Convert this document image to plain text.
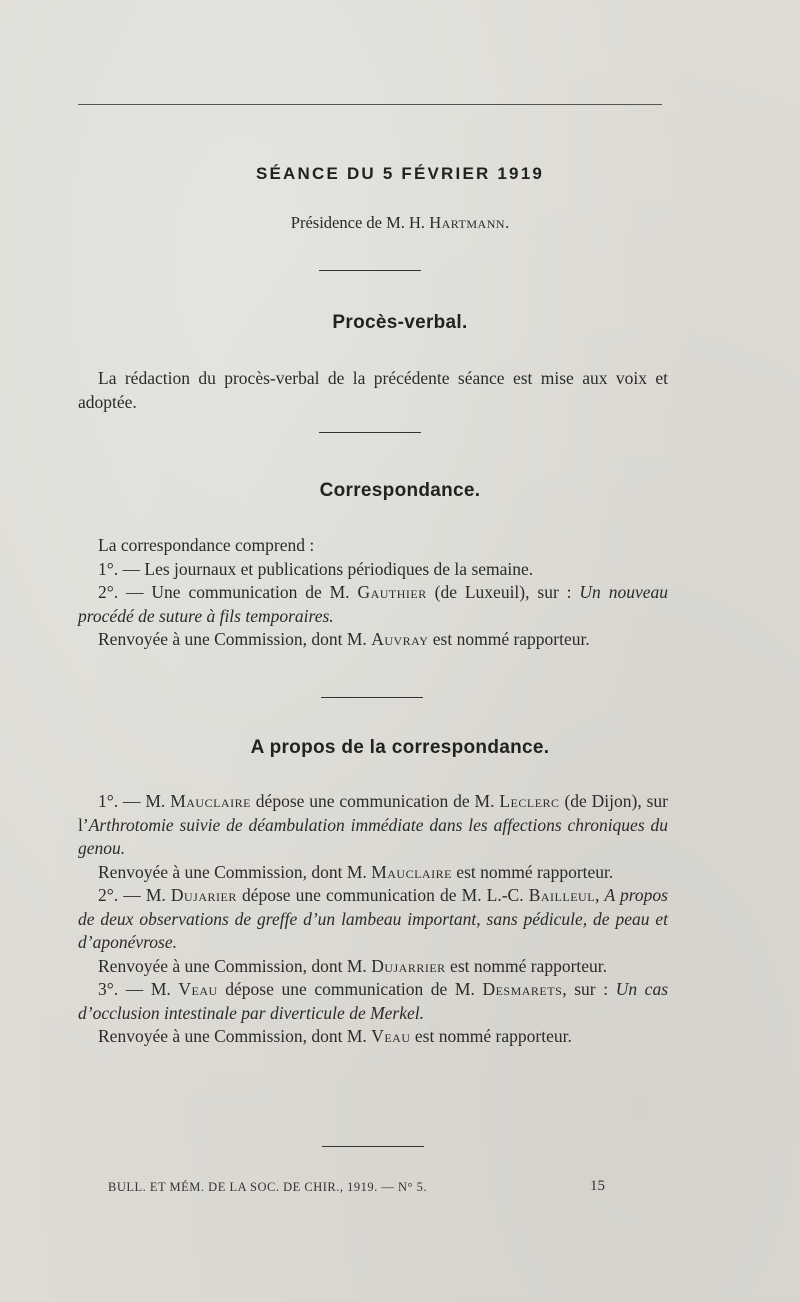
SÉANCE DU 5 FÉVRIER 1919
Présidence de M. H. Hartmann.
Procès-verbal.

La rédaction du procès-verbal de la précédente séance est mise aux voix et adoptée.

Correspondance.

La correspondance comprend :

1°. — Les journaux et publications périodiques de la semaine.

2°. — Une communication de M. Gauthier (de Luxeuil), sur : Un nouveau procédé de suture à fils temporaires.

Renvoyée à une Commission, dont M. Auvray est nommé rapporteur.

A propos de la correspondance.

1°. — M. Mauclaire dépose une communication de M. Leclerc (de Dijon), sur l’Arthrotomie suivie de déambulation immédiate dans les affections chroniques du genou.

Renvoyée à une Commission, dont M. Mauclaire est nommé rapporteur.

2°. — M. Dujarier dépose une communication de M. L.-C. Bailleul, A propos de deux observations de greffe d’un lambeau important, sans pédicule, de peau et d’aponévrose.

Renvoyée à une Commission, dont M. Dujarrier est nommé rapporteur.

3°. — M. Veau dépose une communication de M. Desmarets, sur : Un cas d’occlusion intestinale par diverticule de Merkel.

Renvoyée à une Commission, dont M. Veau est nommé rapporteur.

BULL. ET MÉM. DE LA SOC. DE CHIR., 1919. — N° 5.	15
